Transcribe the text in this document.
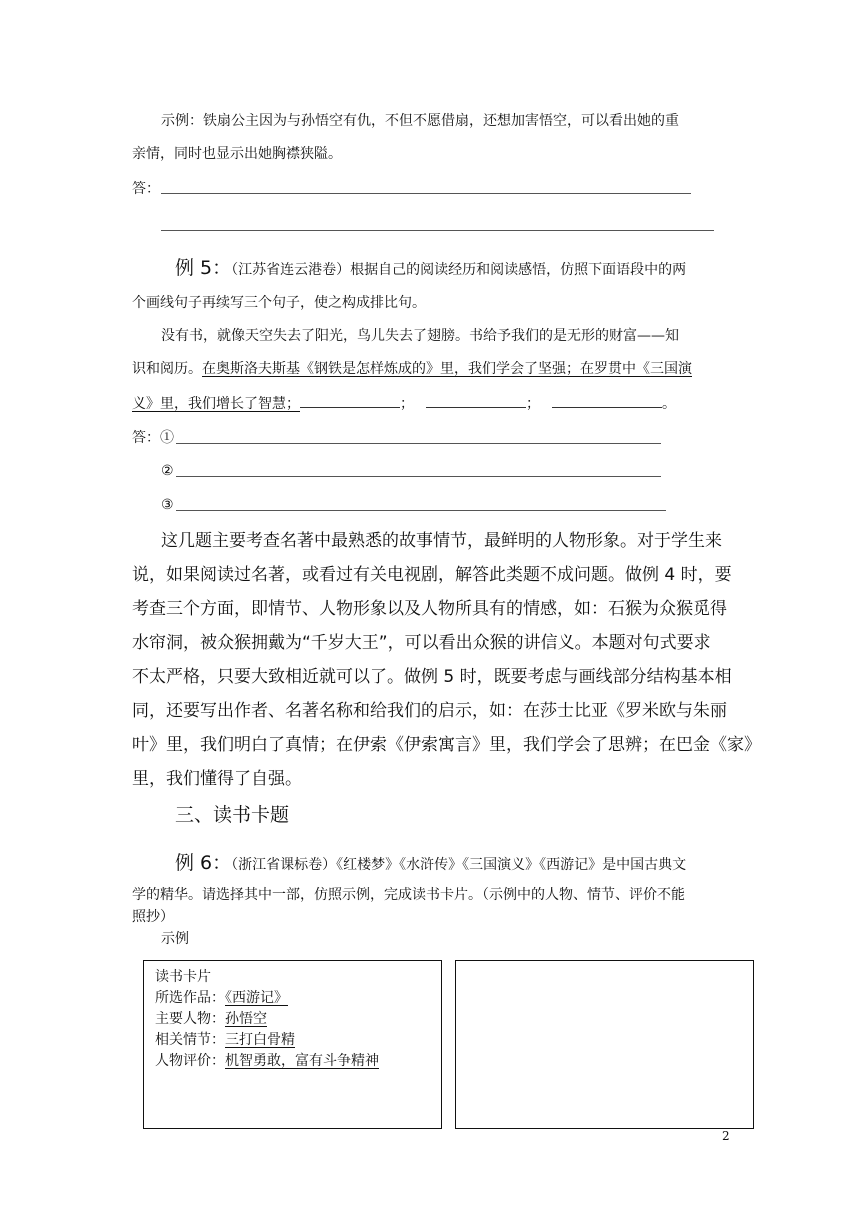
示例：铁扇公主因为与孙悟空有仇，不但不愿借扇，还想加害悟空，可以看出她的重
亲情，同时也显示出她胸襟狭隘。
答：
例 5：（江苏省连云港卷）根据自己的阅读经历和阅读感悟，仿照下面语段中的两
个画线句子再续写三个句子，使之构成排比句。
没有书，就像天空失去了阳光，鸟儿失去了翅膀。书给予我们的是无形的财富——知
识和阅历。在奥斯洛夫斯基《钢铁是怎样炼成的》里，我们学会了坚强；在罗贯中《三国演
义》里，我们增长了智慧；	；	；	。
答：①
②
③
这几题主要考查名著中最熟悉的故事情节，最鲜明的人物形象。对于学生来
说，如果阅读过名著，或看过有关电视剧，解答此类题不成问题。做例 4 时，要
考查三个方面，即情节、人物形象以及人物所具有的情感，如：石猴为众猴觅得
水帘洞，被众猴拥戴为“千岁大王”，可以看出众猴的讲信义。本题对句式要求
不太严格，只要大致相近就可以了。做例 5 时，既要考虑与画线部分结构基本相
同，还要写出作者、名著名称和给我们的启示，如：在莎士比亚《罗米欧与朱丽
叶》里，我们明白了真情；在伊索《伊索寓言》里，我们学会了思辨；在巴金《家》
里，我们懂得了自强。
三、读书卡题
例 6：（浙江省课标卷）《红楼梦》《水浒传》《三国演义》《西游记》是中国古典文
学的精华。请选择其中一部，仿照示例，完成读书卡片。（示例中的人物、情节、评价不能
照抄）
示例
读书卡片
所选作品：《西游记》
主要人物：孙悟空
相关情节：三打白骨精
人物评价：机智勇敢，富有斗争精神
2
